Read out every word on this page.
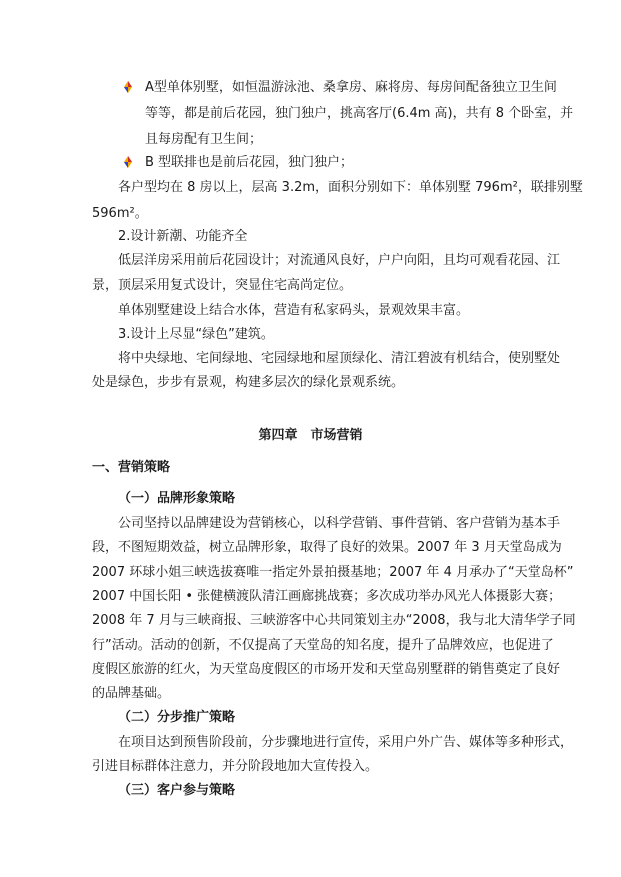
A型单体别墅，如恒温游泳池、桑拿房、麻将房、每房间配备独立卫生间
等等，都是前后花园，独门独户，挑高客厅(6.4m 高)，共有 8 个卧室，并
且每房配有卫生间；
B 型联排也是前后花园，独门独户；
各户型均在 8 房以上，层高 3.2m，面积分别如下：单体别墅 796m²，联排别墅
596m²。
2.设计新潮、功能齐全
低层洋房采用前后花园设计；对流通风良好，户户向阳，且均可观看花园、江
景，顶层采用复式设计，突显住宅高尚定位。
单体别墅建设上结合水体，营造有私家码头，景观效果丰富。
3.设计上尽显“绿色”建筑。
将中央绿地、宅间绿地、宅园绿地和屋顶绿化、清江碧波有机结合，使别墅处
处是绿色，步步有景观，构建多层次的绿化景观系统。
第四章　市场营销
一、营销策略
（一）品牌形象策略
公司坚持以品牌建设为营销核心，以科学营销、事件营销、客户营销为基本手
段，不图短期效益，树立品牌形象，取得了良好的效果。2007 年 3 月天堂岛成为
2007 环球小姐三峡选拔赛唯一指定外景拍摄基地；2007 年 4 月承办了“天堂岛杯”
2007 中国长阳 • 张健横渡队清江画廊挑战赛；多次成功举办风光人体摄影大赛；
2008 年 7 月与三峡商报、三峡游客中心共同策划主办“2008，我与北大清华学子同
行”活动。活动的创新，不仅提高了天堂岛的知名度，提升了品牌效应，也促进了
度假区旅游的红火，为天堂岛度假区的市场开发和天堂岛别墅群的销售奠定了良好
的品牌基础。
（二）分步推广策略
在项目达到预售阶段前，分步骤地进行宣传，采用户外广告、媒体等多种形式，
引进目标群体注意力，并分阶段地加大宣传投入。
（三）客户参与策略
